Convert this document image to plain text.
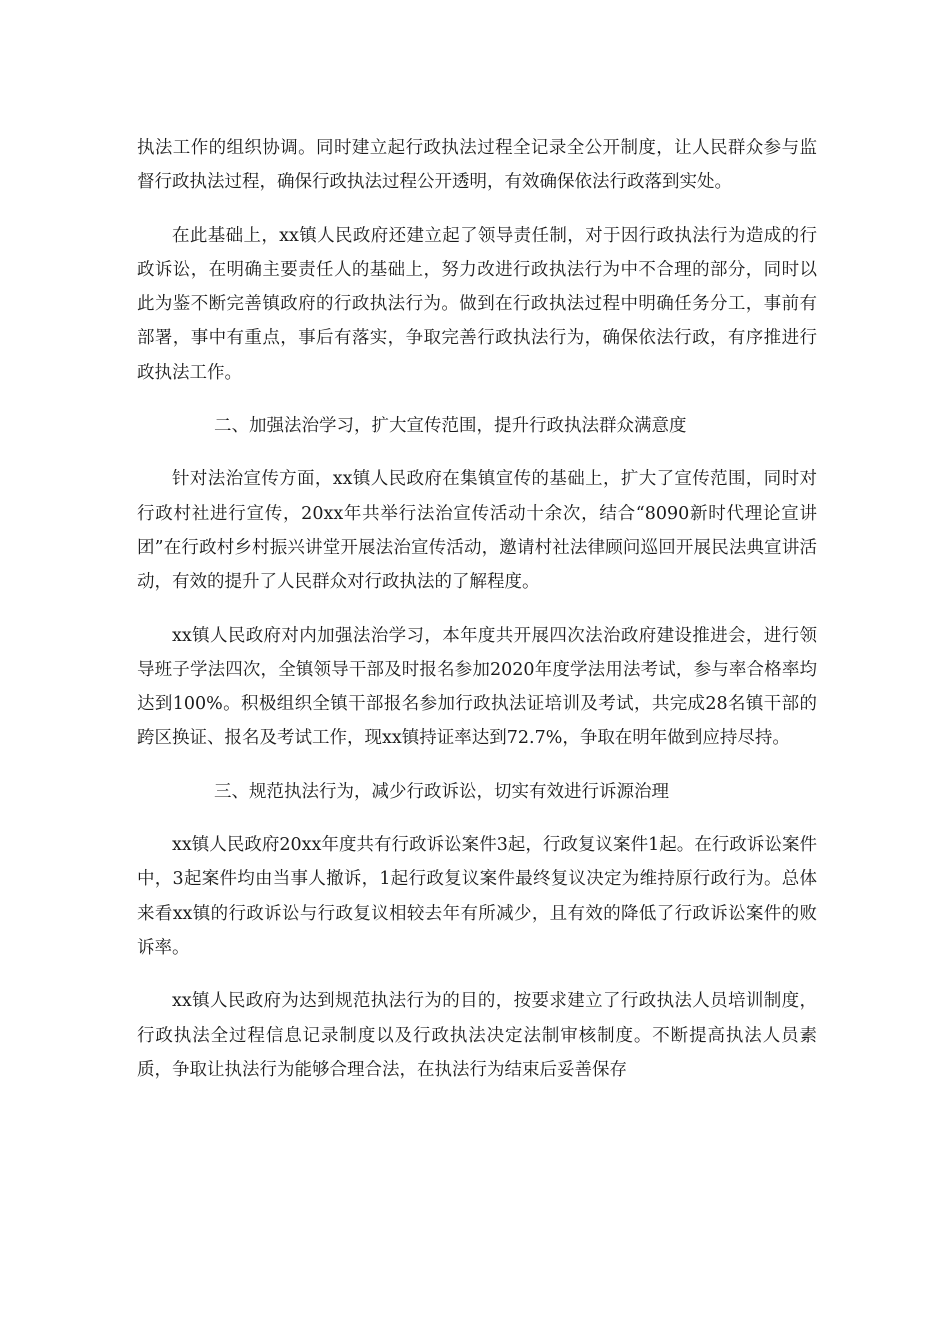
执法工作的组织协调。同时建立起行政执法过程全记录全公开制度，让人民群众参与监督行政执法过程，确保行政执法过程公开透明，有效确保依法行政落到实处。

在此基础上，xx镇人民政府还建立起了领导责任制，对于因行政执法行为造成的行政诉讼，在明确主要责任人的基础上，努力改进行政执法行为中不合理的部分，同时以此为鉴不断完善镇政府的行政执法行为。做到在行政执法过程中明确任务分工，事前有部署，事中有重点，事后有落实，争取完善行政执法行为，确保依法行政，有序推进行政执法工作。

二、加强法治学习，扩大宣传范围，提升行政执法群众满意度

针对法治宣传方面，xx镇人民政府在集镇宣传的基础上，扩大了宣传范围，同时对行政村社进行宣传，20xx年共举行法治宣传活动十余次，结合“8090新时代理论宣讲团”在行政村乡村振兴讲堂开展法治宣传活动，邀请村社法律顾问巡回开展民法典宣讲活动，有效的提升了人民群众对行政执法的了解程度。

xx镇人民政府对内加强法治学习，本年度共开展四次法治政府建设推进会，进行领导班子学法四次，全镇领导干部及时报名参加2020年度学法用法考试，参与率合格率均达到100%。积极组织全镇干部报名参加行政执法证培训及考试，共完成28名镇干部的跨区换证、报名及考试工作，现xx镇持证率达到72.7%，争取在明年做到应持尽持。

三、规范执法行为，减少行政诉讼，切实有效进行诉源治理

xx镇人民政府20xx年度共有行政诉讼案件3起，行政复议案件1起。在行政诉讼案件中，3起案件均由当事人撤诉，1起行政复议案件最终复议决定为维持原行政行为。总体来看xx镇的行政诉讼与行政复议相较去年有所减少，且有效的降低了行政诉讼案件的败诉率。

xx镇人民政府为达到规范执法行为的目的，按要求建立了行政执法人员培训制度，行政执法全过程信息记录制度以及行政执法决定法制审核制度。不断提高执法人员素质，争取让执法行为能够合理合法，在执法行为结束后妥善保存
